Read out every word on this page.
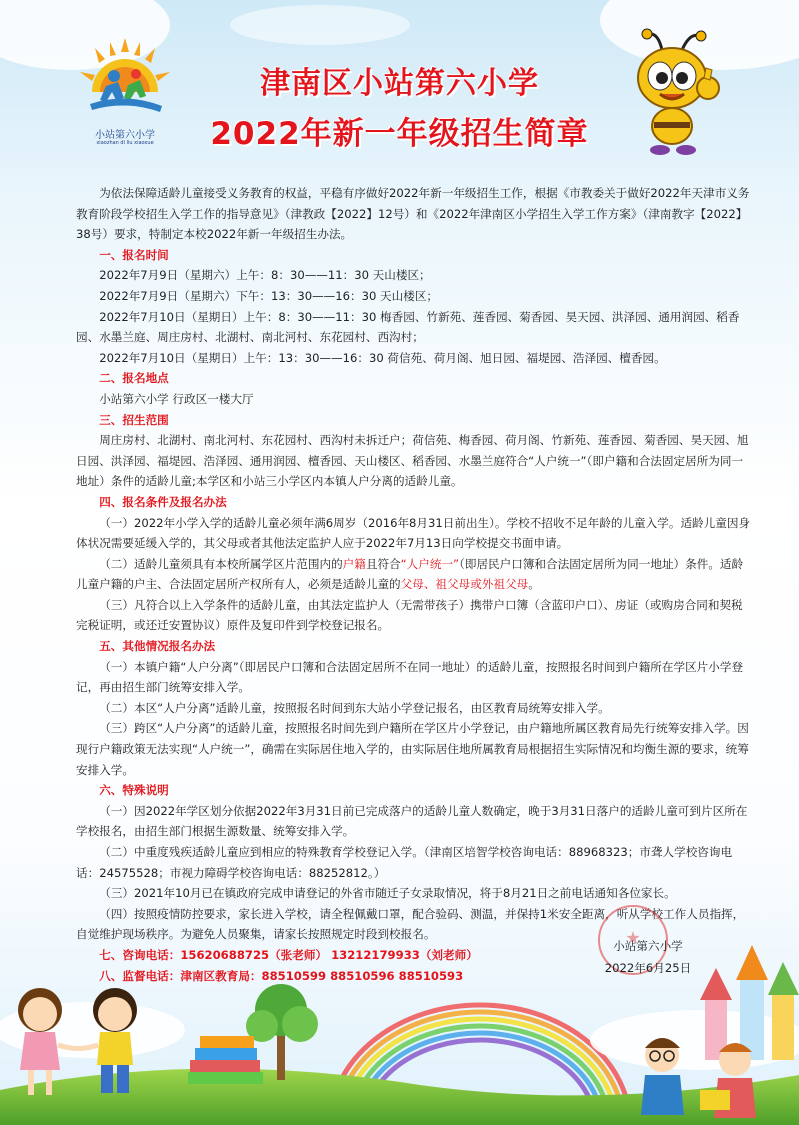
小站第六小学
xiaozhan di liu xiaoxue
津南区小站第六小学
2022年新一年级招生简章

为依法保障适龄儿童接受义务教育的权益，平稳有序做好2022年新一年级招生工作，根据《市教委关于做好2022年天津市义务教育阶段学校招生入学工作的指导意见》（津教政【2022】12号）和《2022年津南区小学招生入学工作方案》（津南教字【2022】38号）要求，特制定本校2022年新一年级招生办法。

一、报名时间

2022年7月9日（星期六）上午：8：30——11：30 天山楼区；

2022年7月9日（星期六）下午：13：30——16：30 天山楼区；

2022年7月10日（星期日）上午：8：30——11：30 梅香园、竹新苑、莲香园、菊香园、昊天园、洪泽园、通用润园、稻香园、水墨兰庭、周庄房村、北湖村、南北河村、东花园村、西沟村；

2022年7月10日（星期日）上午：13：30——16：30 荷信苑、荷月阁、旭日园、福堤园、浩泽园、檀香园。

二、报名地点

小站第六小学 行政区一楼大厅

三、招生范围

周庄房村、北湖村、南北河村、东花园村、西沟村未拆迁户；荷信苑、梅香园、荷月阁、竹新苑、莲香园、菊香园、昊天园、旭日园、洪泽园、福堤园、浩泽园、通用润园、檀香园、天山楼区、稻香园、水墨兰庭符合“人户统一”（即户籍和合法固定居所为同一地址）条件的适龄儿童;本学区和小站三小学区内本镇人户分离的适龄儿童。

四、报名条件及报名办法

（一）2022年小学入学的适龄儿童必须年满6周岁（2016年8月31日前出生）。学校不招收不足年龄的儿童入学。适龄儿童因身体状况需要延缓入学的，其父母或者其他法定监护人应于2022年7月13日向学校提交书面申请。

（二）适龄儿童须具有本校所属学区片范围内的户籍且符合“人户统一”（即居民户口簿和合法固定居所为同一地址）条件。适龄儿童户籍的户主、合法固定居所产权所有人，必须是适龄儿童的父母、祖父母或外祖父母。

（三）凡符合以上入学条件的适龄儿童，由其法定监护人（无需带孩子）携带户口簿（含蓝印户口）、房证（或购房合同和契税完税证明，或还迁安置协议）原件及复印件到学校登记报名。

五、其他情况报名办法

（一）本镇户籍“人户分离”（即居民户口簿和合法固定居所不在同一地址）的适龄儿童，按照报名时间到户籍所在学区片小学登记，再由招生部门统筹安排入学。

（二）本区“人户分离”适龄儿童，按照报名时间到东大站小学登记报名，由区教育局统筹安排入学。

（三）跨区“人户分离”的适龄儿童，按照报名时间先到户籍所在学区片小学登记，由户籍地所属区教育局先行统筹安排入学。因现行户籍政策无法实现“人户统一”，确需在实际居住地入学的，由实际居住地所属教育局根据招生实际情况和均衡生源的要求，统筹安排入学。

六、特殊说明

（一）因2022年学区划分依据2022年3月31日前已完成落户的适龄儿童人数确定，晚于3月31日落户的适龄儿童可到片区所在学校报名，由招生部门根据生源数量、统筹安排入学。

（二）中重度残疾适龄儿童应到相应的特殊教育学校登记入学。（津南区培智学校咨询电话：88968323；市聋人学校咨询电话：24575528；市视力障碍学校咨询电话：88252812。）

（三）2021年10月已在镇政府完成申请登记的外省市随迁子女录取情况，将于8月21日之前电话通知各位家长。

（四）按照疫情防控要求，家长进入学校，请全程佩戴口罩，配合验码、测温，并保持1米安全距离，听从学校工作人员指挥，自觉维护现场秩序。为避免人员聚集，请家长按照规定时段到校报名。

七、咨询电话：15620688725（张老师） 13212179933（刘老师）

八、监督电话：津南区教育局：88510599 88510596 88510593

小站第六小学
2022年6月25日
